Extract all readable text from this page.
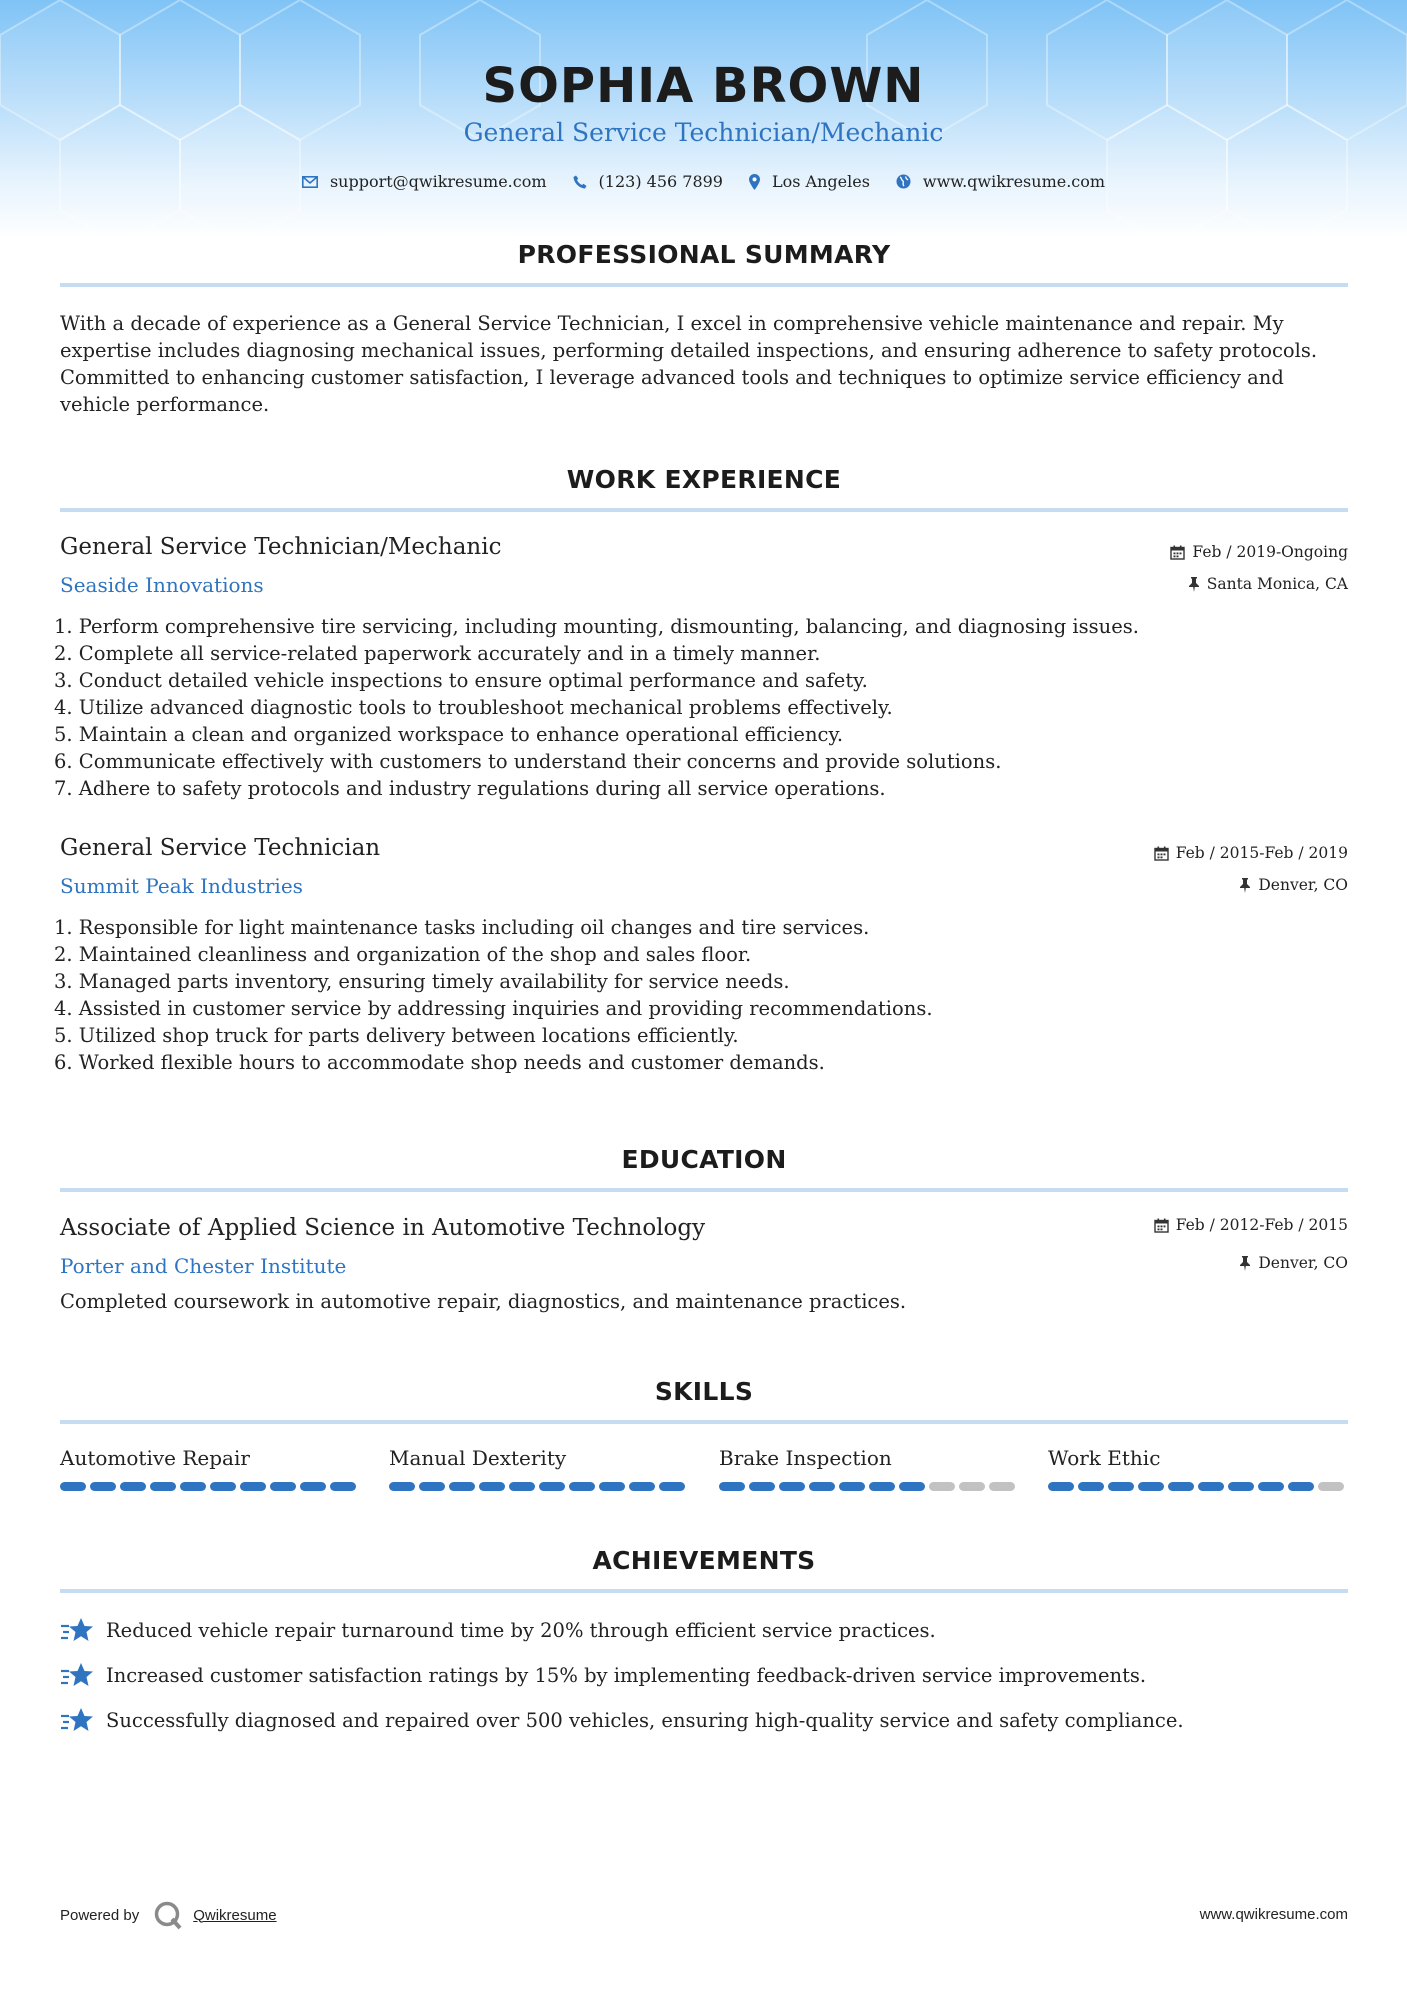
SOPHIA BROWN
General Service Technician/Mechanic
support@qwikresume.com	(123) 456 7899	Los Angeles	www.qwikresume.com
PROFESSIONAL SUMMARY
With a decade of experience as a General Service Technician, I excel in comprehensive vehicle maintenance and repair. My expertise includes diagnosing mechanical issues, performing detailed inspections, and ensuring adherence to safety protocols. Committed to enhancing customer satisfaction, I leverage advanced tools and techniques to optimize service efficiency and vehicle performance.
WORK EXPERIENCE
General Service Technician/Mechanic
Seaside Innovations
Feb / 2019-Ongoing
Santa Monica, CA
1. Perform comprehensive tire servicing, including mounting, dismounting, balancing, and diagnosing issues.
2. Complete all service-related paperwork accurately and in a timely manner.
3. Conduct detailed vehicle inspections to ensure optimal performance and safety.
4. Utilize advanced diagnostic tools to troubleshoot mechanical problems effectively.
5. Maintain a clean and organized workspace to enhance operational efficiency.
6. Communicate effectively with customers to understand their concerns and provide solutions.
7. Adhere to safety protocols and industry regulations during all service operations.
General Service Technician
Summit Peak Industries
Feb / 2015-Feb / 2019
Denver, CO
1. Responsible for light maintenance tasks including oil changes and tire services.
2. Maintained cleanliness and organization of the shop and sales floor.
3. Managed parts inventory, ensuring timely availability for service needs.
4. Assisted in customer service by addressing inquiries and providing recommendations.
5. Utilized shop truck for parts delivery between locations efficiently.
6. Worked flexible hours to accommodate shop needs and customer demands.
EDUCATION
Associate of Applied Science in Automotive Technology
Porter and Chester Institute
Feb / 2012-Feb / 2015
Denver, CO
Completed coursework in automotive repair, diagnostics, and maintenance practices.
SKILLS
Automotive Repair	Manual Dexterity	Brake Inspection	Work Ethic
ACHIEVEMENTS
Reduced vehicle repair turnaround time by 20% through efficient service practices.
Increased customer satisfaction ratings by 15% by implementing feedback-driven service improvements.
Successfully diagnosed and repaired over 500 vehicles, ensuring high-quality service and safety compliance.
Powered by	Qwikresume	www.qwikresume.com
